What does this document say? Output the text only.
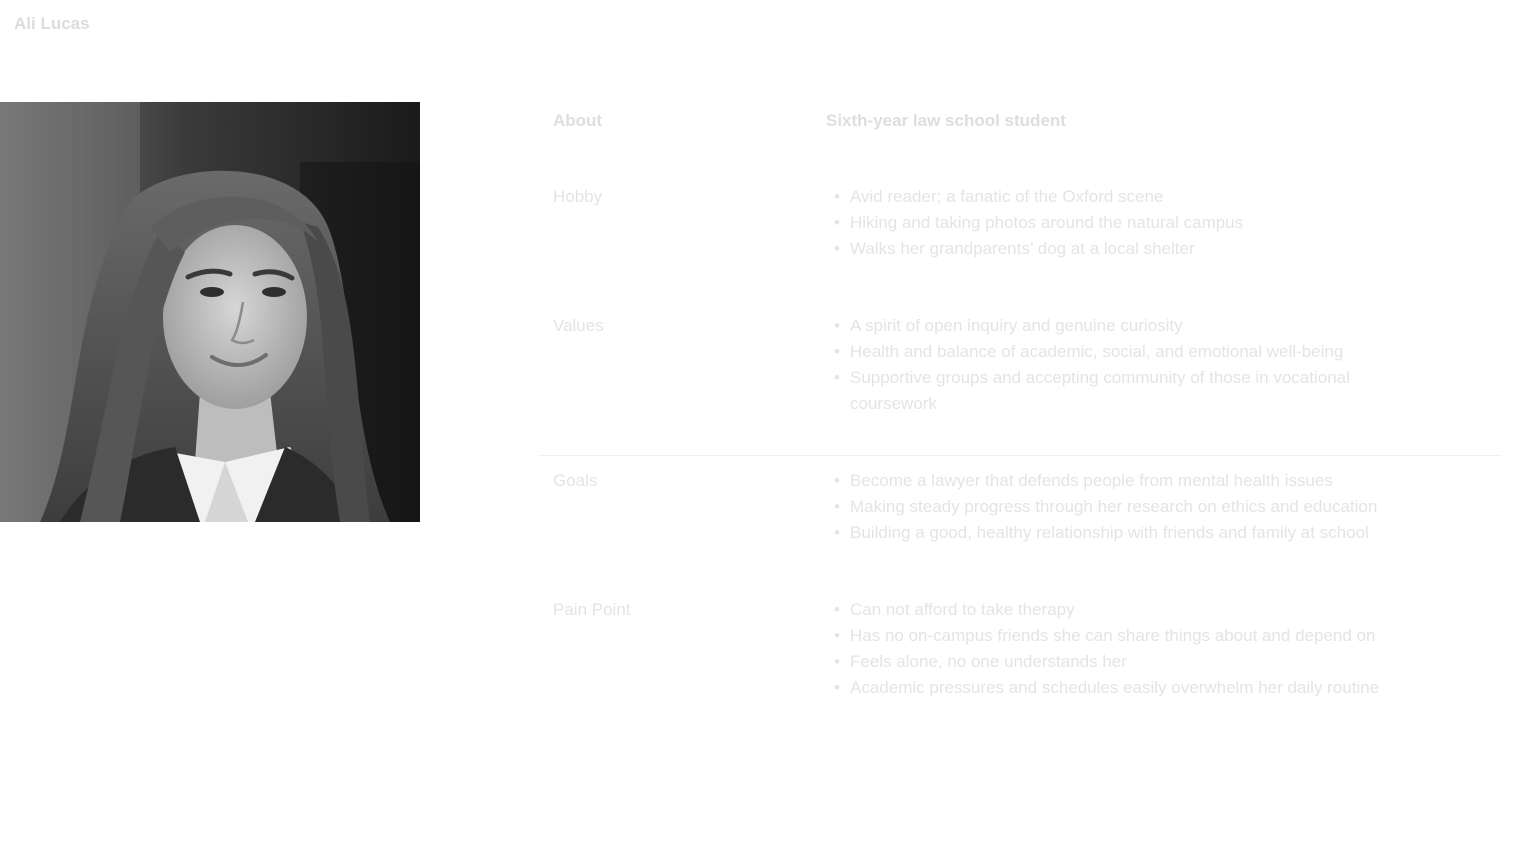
Ali Lucas
About	Sixth-year law school student
Hobby	• Avid reader; a fanatic of the Oxford scene
• Hiking and taking photos around the natural campus
• Walks her grandparents’ dog at a local shelter
Values	• A spirit of open inquiry and genuine curiosity
• Health and balance of academic, social, and emotional well-being
• Supportive groups and accepting community of those in vocational coursework
Goals	• Become a lawyer that defends people from mental health issues
• Making steady progress through her research on ethics and education
• Building a good, healthy relationship with friends and family at school
Pain Point	• Can not afford to take therapy
• Has no on-campus friends she can share things about and depend on
• Feels alone, no one understands her
• Academic pressures and schedules easily overwhelm her daily routine
